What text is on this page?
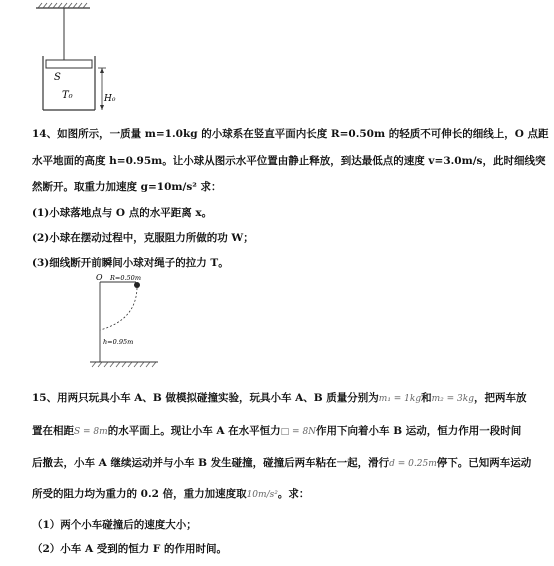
S
T₀	H₀
14、如图所示，一质量 m=1.0kg 的小球系在竖直平面内长度 R=0.50m 的轻质不可伸长的细线上，O 点距
水平地面的高度 h=0.95m。让小球从图示水平位置由静止释放，到达最低点的速度 v=3.0m/s，此时细线突
然断开。取重力加速度 g=10m/s² 求：
(1)小球落地点与 O 点的水平距离 x。
(2)小球在摆动过程中，克服阻力所做的功 W；
(3)细线断开前瞬间小球对绳子的拉力 T。
O R=0.50m
h=0.95m
15、用两只玩具小车 A、B 做模拟碰撞实验，玩具小车 A、B 质量分别为m₁ = 1kg和m₂ = 3kg，把两车放
置在相距S = 8m的水平面上。现让小车 A 在水平恒力□ = 8N作用下向着小车 B 运动，恒力作用一段时间
后撤去，小车 A 继续运动并与小车 B 发生碰撞，碰撞后两车粘在一起，滑行d = 0.25m停下。已知两车运动
所受的阻力均为重力的 0.2 倍，重力加速度取10m/s²。求：
（1）两个小车碰撞后的速度大小；
（2）小车 A 受到的恒力 F 的作用时间。
